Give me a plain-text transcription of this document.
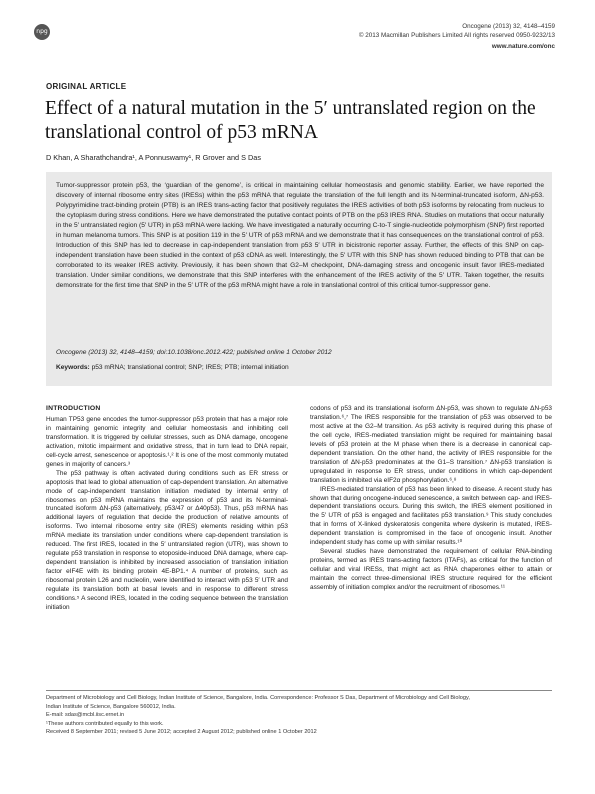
npg
Oncogene (2013) 32, 4148–4159
© 2013 Macmillan Publishers Limited All rights reserved 0950-9232/13
www.nature.com/onc
ORIGINAL ARTICLE
Effect of a natural mutation in the 5′ untranslated region on the translational control of p53 mRNA
D Khan, A Sharathchandra¹, A Ponnuswamy¹, R Grover and S Das
Tumor-suppressor protein p53, the ‘guardian of the genome’, is critical in maintaining cellular homeostasis and genomic stability. Earlier, we have reported the discovery of internal ribosome entry sites (IRESs) within the p53 mRNA that regulate the translation of the full length and its N-terminal-truncated isoform, ΔN-p53. Polypyrimidine tract-binding protein (PTB) is an IRES trans-acting factor that positively regulates the IRES activities of both p53 isoforms by relocating from nucleus to the cytoplasm during stress conditions. Here we have demonstrated the putative contact points of PTB on the p53 IRES RNA. Studies on mutations that occur naturally in the 5′ untranslated region (5′ UTR) in p53 mRNA were lacking. We have investigated a naturally occurring C-to-T single-nucleotide polymorphism (SNP) first reported in human melanoma tumors. This SNP is at position 119 in the 5′ UTR of p53 mRNA and we demonstrate that it has consequences on the translational control of p53. Introduction of this SNP has led to decrease in cap-independent translation from p53 5′ UTR in bicistronic reporter assay. Further, the effects of this SNP on cap-independent translation have been studied in the context of p53 cDNA as well. Interestingly, the 5′ UTR with this SNP has shown reduced binding to PTB that can be corroborated to its weaker IRES activity. Previously, it has been shown that G2–M checkpoint, DNA-damaging stress and oncogenic insult favor IRES-mediated translation. Under similar conditions, we demonstrate that this SNP interferes with the enhancement of the IRES activity of the 5′ UTR. Taken together, the results demonstrate for the first time that SNP in the 5′ UTR of the p53 mRNA might have a role in translational control of this critical tumor-suppressor gene.
Oncogene (2013) 32, 4148–4159; doi:10.1038/onc.2012.422; published online 1 October 2012
Keywords: p53 mRNA; translational control; SNP; IRES; PTB; internal initiation
INTRODUCTION

Human TP53 gene encodes the tumor-suppressor p53 protein that has a major role in maintaining genomic integrity and cellular homeostasis and inhibiting cell transformation. It is triggered by cellular stresses, such as DNA damage, oncogene activation, mitotic impairment and oxidative stress, that in turn lead to DNA repair, cell-cycle arrest, senescence or apoptosis.¹,² It is one of the most commonly mutated genes in majority of cancers.³

The p53 pathway is often activated during conditions such as ER stress or apoptosis that lead to global attenuation of cap-dependent translation. An alternative mode of cap-independent translation initiation mediated by internal entry of ribosomes on p53 mRNA maintains the expression of p53 and its N-terminal-truncated isoform ΔN-p53 (alternatively, p53/47 or Δ40p53). Thus, p53 mRNA has additional layers of regulation that decide the production of relative amounts of isoforms. Two internal ribosome entry site (IRES) elements residing within p53 mRNA mediate its translation under conditions where cap-dependent translation is reduced. The first IRES, located in the 5′ untranslated region (UTR), was shown to regulate p53 translation in response to etoposide-induced DNA damage, where cap-dependent translation is inhibited by increased association of translation initiation factor eIF4E with its binding protein 4E-BP1.⁴ A number of proteins, such as ribosomal protein L26 and nucleolin, were identified to interact with p53 5′ UTR and regulate its translation both at basal levels and in response to different stress conditions.⁵ A second IRES, located in the coding sequence between the translation initiation

codons of p53 and its translational isoform ΔN-p53, was shown to regulate ΔN-p53 translation.⁶,⁷ The IRES responsible for the translation of p53 was observed to be most active at the G2–M transition. As p53 activity is required during this phase of the cell cycle, IRES-mediated translation might be required for maintaining basal levels of p53 protein at the M phase when there is a decrease in canonical cap-dependent translation. On the other hand, the activity of IRES responsible for the translation of ΔN-p53 predominates at the G1–S transition.⁷ ΔN-p53 translation is upregulated in response to ER stress, under conditions in which cap-dependent translation is inhibited via eIF2α phosphorylation.⁶,⁸

IRES-mediated translation of p53 has been linked to disease. A recent study has shown that during oncogene-induced senescence, a switch between cap- and IRES-dependent translations occurs. During this switch, the IRES element positioned in the 5′ UTR of p53 is engaged and facilitates p53 translation.⁹ This study concludes that in forms of X-linked dyskeratosis congenita where dyskerin is mutated, IRES-dependent translation is compromised in the face of oncogenic insult. Another independent study has come up with similar results.¹⁰

Several studies have demonstrated the requirement of cellular RNA-binding proteins, termed as IRES trans-acting factors (ITAFs), as critical for the function of cellular and viral IRESs, that might act as RNA chaperones either to attain or maintain the correct three-dimensional IRES structure required for the efficient assembly of initiation complex and/or the recruitment of ribosomes.¹¹

Department of Microbiology and Cell Biology, Indian Institute of Science, Bangalore, India. Correspondence: Professor S Das, Department of Microbiology and Cell Biology,
Indian Institute of Science, Bangalore 560012, India.
E-mail: sdas@mcbl.iisc.ernet.in
¹These authors contributed equally to this work.
Received 8 September 2011; revised 5 June 2012; accepted 2 August 2012; published online 1 October 2012
